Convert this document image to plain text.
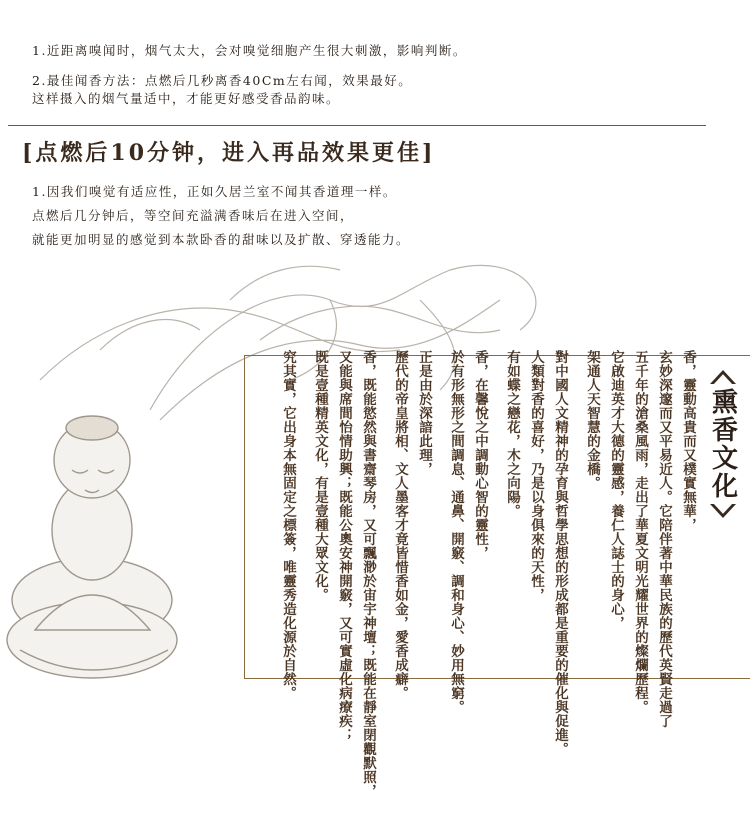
1.近距离嗅闻时，烟气太大，会对嗅觉细胞产生很大刺激，影响判断。

2.最佳闻香方法：点燃后几秒离香40Cm左右闻，效果最好。

这样摄入的烟气量适中，才能更好感受香品韵味。

[点燃后10分钟，进入再品效果更佳]

1.因我们嗅觉有适应性，正如久居兰室不闻其香道理一样。

点燃后几分钟后，等空间充溢满香味后在进入空间，

就能更加明显的感觉到本款卧香的甜味以及扩散、穿透能力。

香，靈動高貴而又樸實無華，
玄妙深邃而又平易近人。它陪伴著中華民族的歷代英賢走過了
五千年的滄桑風雨，走出了華夏文明光耀世界的燦爛歷程。
它啟迪英才大德的靈感，養仁人誌士的身心，
架通人天智慧的金橋。
對中國人文精神的孕育與哲學思想的形成都是重要的催化與促進。
人類對香的喜好，乃是以身俱來的天性，
有如蝶之戀花，木之向陽。
香，在馨悅之中調動心智的靈性，
於有形無形之間調息、通鼻、開竅、調和身心、妙用無窮。
正是由於深諳此理，
歷代的帝皇將相、文人墨客才竟皆惜香如金，愛香成癖。
香，既能慾然與書齋琴房，又可飄渺於宙宇神壇；既能在靜室閉觀默照，
又能與席間怡情助興；既能公奧安神開竅，又可實虛化病療疾；
既是壹種精英文化，有是壹種大眾文化。
究其實，它出身本無固定之標簽，唯靈秀造化源於自然。	熏香文化
